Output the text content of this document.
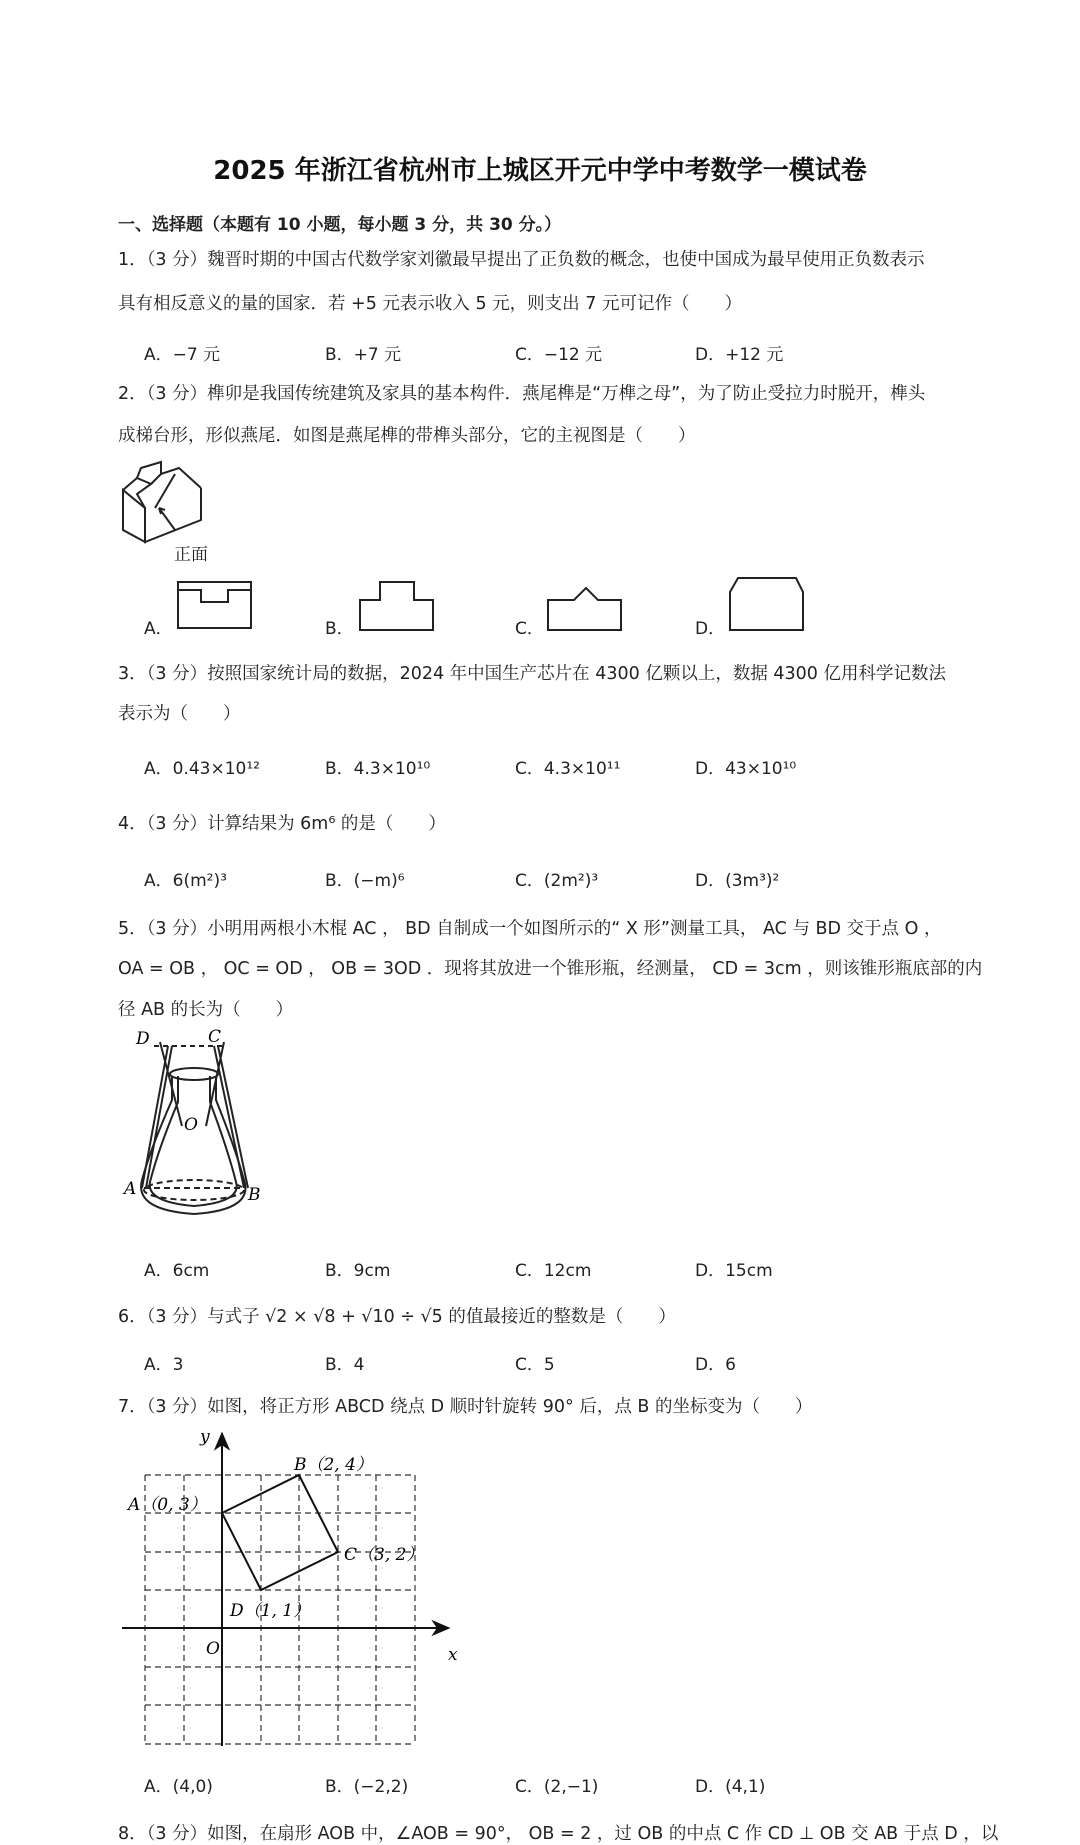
2025 年浙江省杭州市上城区开元中学中考数学一模试卷
一、选择题（本题有 10 小题，每小题 3 分，共 30 分。）
1．（3 分）魏晋时期的中国古代数学家刘徽最早提出了正负数的概念，也使中国成为最早使用正负数表示
具有相反意义的量的国家．若 +5 元表示收入 5 元，则支出 7 元可记作（　　）
A．−7 元	B．+7 元	C．−12 元	D．+12 元
2．（3 分）榫卯是我国传统建筑及家具的基本构件．燕尾榫是“万榫之母”，为了防止受拉力时脱开，榫头
成梯台形，形似燕尾．如图是燕尾榫的带榫头部分，它的主视图是（　　）
正面
A．	B．	C．	D．
3．（3 分）按照国家统计局的数据，2024 年中国生产芯片在 4300 亿颗以上，数据 4300 亿用科学记数法
表示为（　　）
A．0.43×10¹²	B．4.3×10¹⁰	C．4.3×10¹¹	D．43×10¹⁰
4．（3 分）计算结果为 6m⁶ 的是（　　）
A．6(m²)³	B．(−m)⁶	C．(2m²)³	D．(3m³)²
5．（3 分）小明用两根小木棍 AC ， BD 自制成一个如图所示的“ X 形”测量工具， AC 与 BD 交于点 O ，
OA = OB ， OC = OD ， OB = 3OD ．现将其放进一个锥形瓶，经测量， CD = 3cm ，则该锥形瓶底部的内
径 AB 的长为（　　）
D	C
O
A	B
A．6cm	B．9cm	C．12cm	D．15cm
6．（3 分）与式子 √2 × √8 + √10 ÷ √5 的值最接近的整数是（　　）
A．3	B．4	C．5	D．6
7．（3 分）如图，将正方形 ABCD 绕点 D 顺时针旋转 90° 后，点 B 的坐标变为（　　）
O	x
y
A（0, 3）
B（2, 4）
C（3, 2）
D（1, 1）
A．(4,0)	B．(−2,2)	C．(2,−1)	D．(4,1)
8．（3 分）如图，在扇形 AOB 中，∠AOB = 90°， OB = 2 ，过 OB 的中点 C 作 CD ⊥ OB 交 AB 于点 D ，以
